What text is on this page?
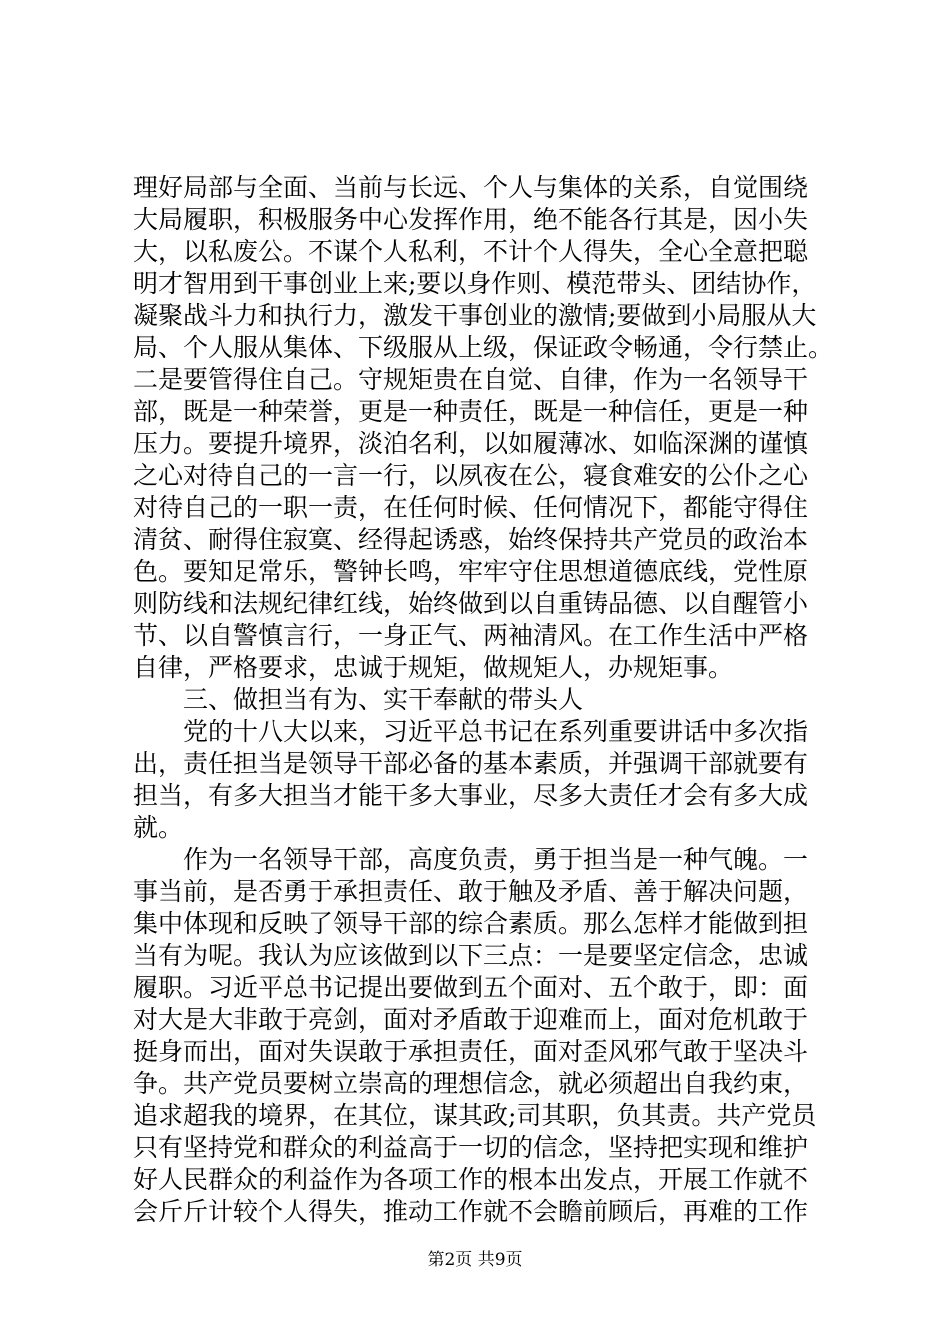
理好局部与全面、当前与长远、个人与集体的关系，自觉围绕
大局履职，积极服务中心发挥作用，绝不能各行其是，因小失
大，以私废公。不谋个人私利，不计个人得失，全心全意把聪
明才智用到干事创业上来;要以身作则、模范带头、团结协作，
凝聚战斗力和执行力，激发干事创业的激情;要做到小局服从大
局、个人服从集体、下级服从上级，保证政令畅通，令行禁止。
二是要管得住自己。守规矩贵在自觉、自律，作为一名领导干
部，既是一种荣誉，更是一种责任，既是一种信任，更是一种
压力。要提升境界，淡泊名利，以如履薄冰、如临深渊的谨慎
之心对待自己的一言一行，以夙夜在公，寝食难安的公仆之心
对待自己的一职一责，在任何时候、任何情况下，都能守得住
清贫、耐得住寂寞、经得起诱惑，始终保持共产党员的政治本
色。要知足常乐，警钟长鸣，牢牢守住思想道德底线，党性原
则防线和法规纪律红线，始终做到以自重铸品德、以自醒管小
节、以自警慎言行，一身正气、两袖清风。在工作生活中严格
自律，严格要求，忠诚于规矩，做规矩人，办规矩事。
　　三、做担当有为、实干奉献的带头人
　　党的十八大以来，习近平总书记在系列重要讲话中多次指
出，责任担当是领导干部必备的基本素质，并强调干部就要有
担当，有多大担当才能干多大事业，尽多大责任才会有多大成
就。
　　作为一名领导干部，高度负责，勇于担当是一种气魄。一
事当前，是否勇于承担责任、敢于触及矛盾、善于解决问题，
集中体现和反映了领导干部的综合素质。那么怎样才能做到担
当有为呢。我认为应该做到以下三点：一是要坚定信念，忠诚
履职。习近平总书记提出要做到五个面对、五个敢于，即：面
对大是大非敢于亮剑，面对矛盾敢于迎难而上，面对危机敢于
挺身而出，面对失误敢于承担责任，面对歪风邪气敢于坚决斗
争。共产党员要树立崇高的理想信念，就必须超出自我约束，
追求超我的境界，在其位，谋其政;司其职，负其责。共产党员
只有坚持党和群众的利益高于一切的信念，坚持把实现和维护
好人民群众的利益作为各项工作的根本出发点，开展工作就不
会斤斤计较个人得失，推动工作就不会瞻前顾后，再难的工作
第2页 共9页
